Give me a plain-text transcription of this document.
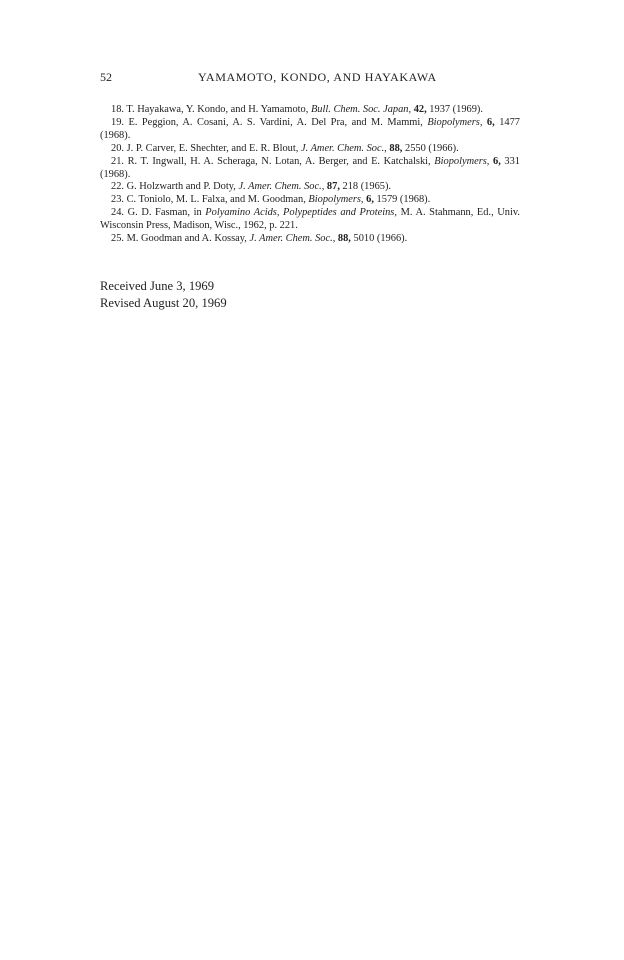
52	YAMAMOTO, KONDO, AND HAYAKAWA

18. T. Hayakawa, Y. Kondo, and H. Yamamoto, Bull. Chem. Soc. Japan, 42, 1937 (1969).

19. E. Peggion, A. Cosani, A. S. Vardini, A. Del Pra, and M. Mammi, Biopolymers, 6, 1477 (1968).

20. J. P. Carver, E. Shechter, and E. R. Blout, J. Amer. Chem. Soc., 88, 2550 (1966).

21. R. T. Ingwall, H. A. Scheraga, N. Lotan, A. Berger, and E. Katchalski, Biopolymers, 6, 331 (1968).

22. G. Holzwarth and P. Doty, J. Amer. Chem. Soc., 87, 218 (1965).

23. C. Toniolo, M. L. Falxa, and M. Goodman, Biopolymers, 6, 1579 (1968).

24. G. D. Fasman, in Polyamino Acids, Polypeptides and Proteins, M. A. Stahmann, Ed., Univ. Wisconsin Press, Madison, Wisc., 1962, p. 221.

25. M. Goodman and A. Kossay, J. Amer. Chem. Soc., 88, 5010 (1966).

Received June 3, 1969

Revised August 20, 1969
